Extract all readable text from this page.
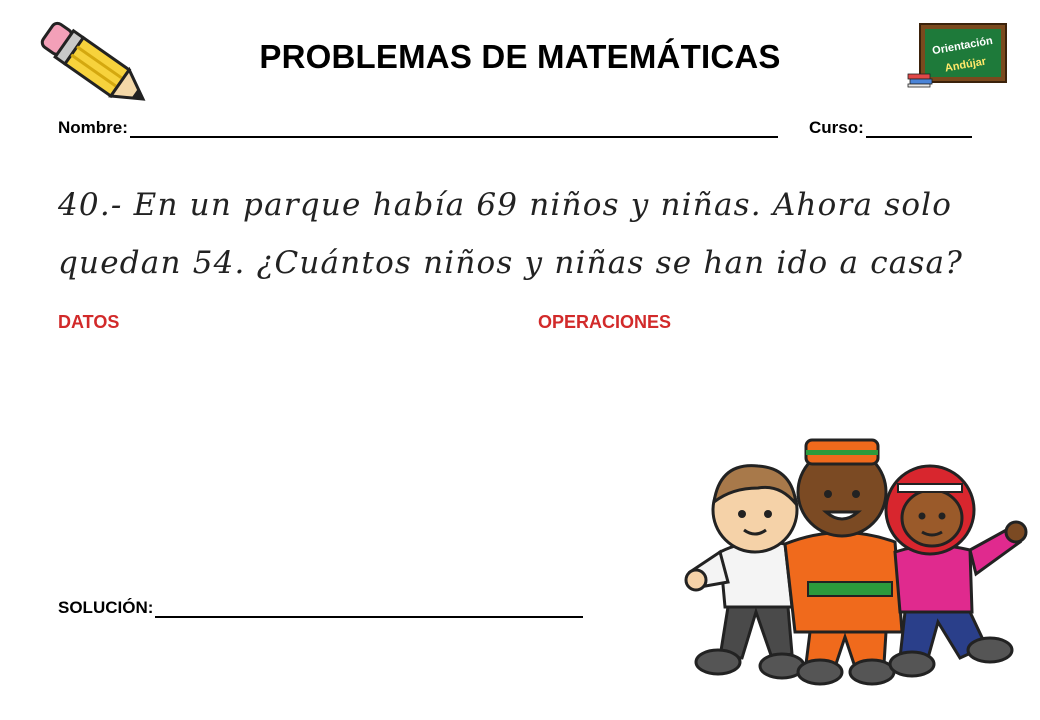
PROBLEMAS DE MATEMÁTICAS	Orientación
Andújar
Nombre:	Curso:
40.- En un parque había 69 niños y niñas. Ahora solo
quedan 54. ¿Cuántos niños y niñas se han ido a casa?
DATOS	OPERACIONES
SOLUCIÓN:
